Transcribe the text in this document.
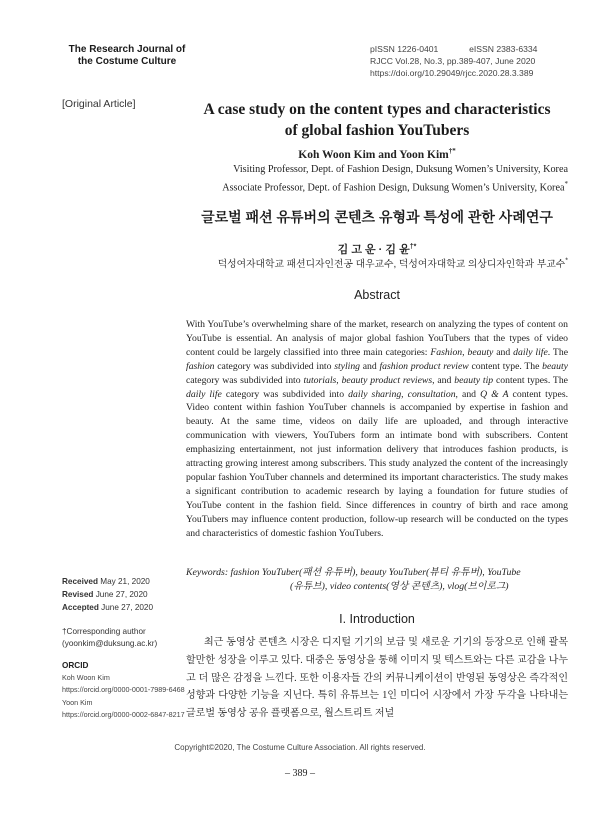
The Research Journal of
the Costume Culture
pISSN 1226-0401	eISSN 2383-6334
RJCC Vol.28, No.3, pp.389-407, June 2020
https://doi.org/10.29049/rjcc.2020.28.3.389
[Original Article]	A case study on the content types and characteristics
of global fashion YouTubers
Koh Woon Kim and Yoon Kim†*
Visiting Professor, Dept. of Fashion Design, Duksung Women’s University, Korea
Associate Professor, Dept. of Fashion Design, Duksung Women’s University, Korea*
글로벌 패션 유튜버의 콘텐츠 유형과 특성에 관한 사례연구
김 고 운 · 김 윤†*
덕성여자대학교 패션디자인전공 대우교수, 덕성여자대학교 의상디자인학과 부교수*
Abstract
With YouTube’s overwhelming share of the market, research on analyzing the types of content on YouTube is essential. An analysis of major global fashion YouTubers that the types of video content could be largely classified into three main categories: Fashion, beauty and daily life. The fashion category was subdivided into styling and fashion product review content type. The beauty category was subdivided into tutorials, beauty product reviews, and beauty tip content types. The daily life category was subdivided into daily sharing, consultation, and Q & A content types. Video content within fashion YouTuber channels is accompanied by expertise in fashion and beauty. At the same time, videos on daily life are uploaded, and through interactive communication with viewers, YouTubers form an intimate bond with subscribers. Content emphasizing entertainment, not just information delivery that introduces fashion products, is attracting growing interest among subscribers. This study analyzed the content of the increasingly popular fashion YouTuber channels and determined its important characteristics. The study makes a significant contribution to academic research by laying a foundation for future studies of YouTube content in the fashion field. Since differences in country of birth and race among YouTubers may influence content production, follow-up research will be conducted on the types and characteristics of domestic fashion YouTubers.
Keywords: fashion YouTuber(패션 유튜버), beauty YouTuber(뷰티 유튜버), YouTube
(유튜브), video contents(영상 콘텐츠), vlog(브이로그)
Received May 21, 2020
Revised June 27, 2020
Accepted June 27, 2020
†Corresponding author
(yoonkim@duksung.ac.kr)
ORCID
Koh Woon Kim
https://orcid.org/0000-0001-7989-6468
Yoon Kim
https://orcid.org/0000-0002-6847-8217
I. Introduction

최근 동영상 콘텐츠 시장은 디지털 기기의 보급 및 새로운 기기의 등장으로 인해 괄목할만한 성장을 이루고 있다. 대중은 동영상을 통해 이미지 및 텍스트와는 다른 교감을 나누고 더 많은 감정을 느낀다. 또한 이용자들 간의 커뮤니케이션이 반영된 동영상은 즉각적인 성향과 다양한 기능을 지닌다. 특히 유튜브는 1인 미디어 시장에서 가장 두각을 나타내는 글로벌 동영상 공유 플랫폼으로, 월스트리트 저널

Copyright©2020, The Costume Culture Association. All rights reserved.
– 389 –
